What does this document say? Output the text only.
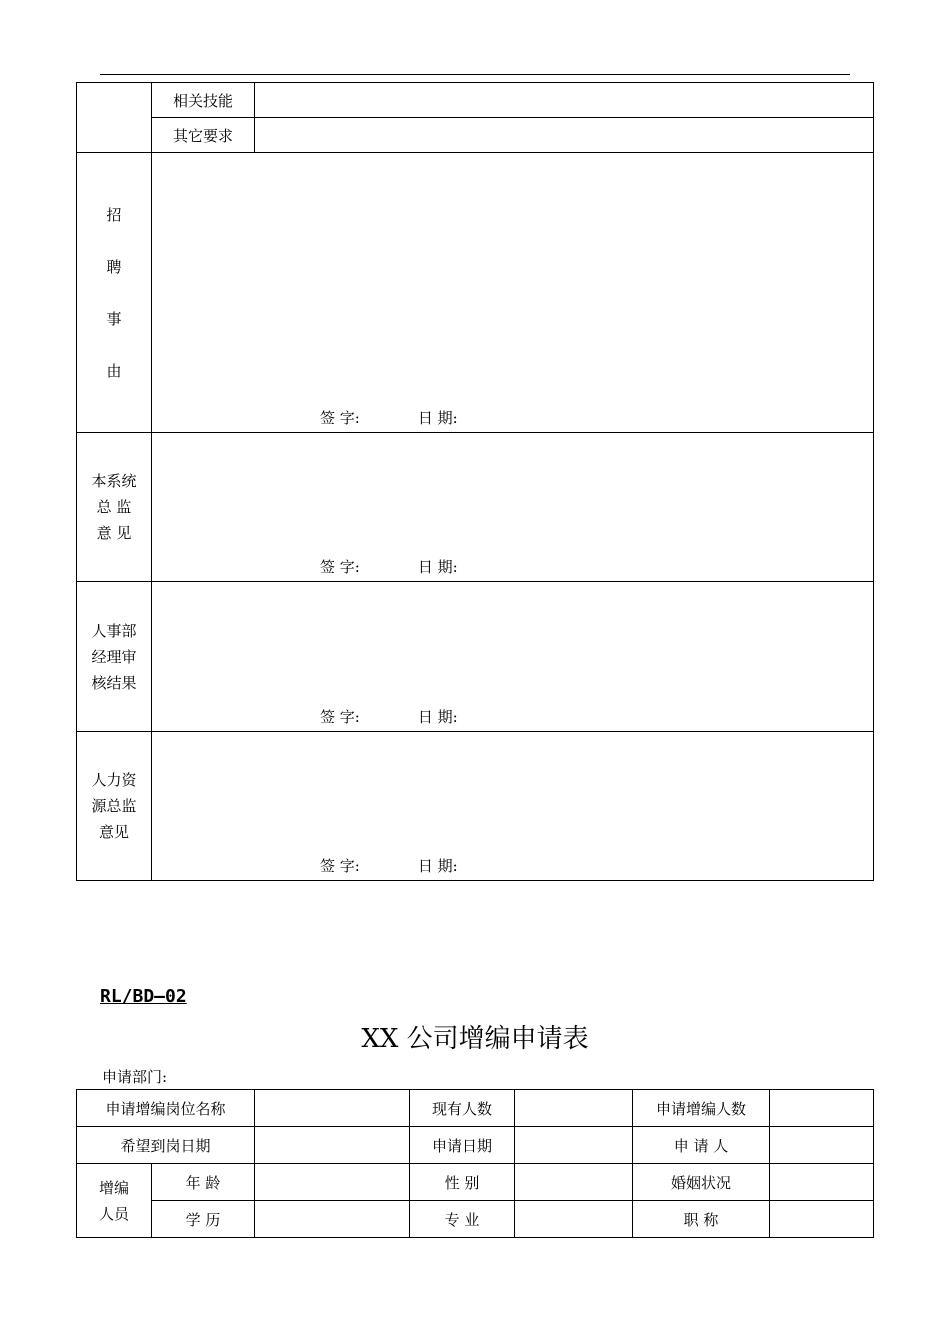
	相关技能	
	其它要求	

招
聘
事
由	签 字: 日 期:	

本系统
总 监
意 见	签 字: 日 期:	

人事部
经理审
核结果	签 字: 日 期:	

人力资
源总监
意见	签 字: 日 期:	
RL/BD—02
XX 公司增编申请表
申请部门:
申请增编岗位名称			现有人数		申请增编人数	
希望到岗日期			申请日期		申 请 人	

增编
人员	年 龄		性 别		婚姻状况	
	学 历		专 业		职 称	
